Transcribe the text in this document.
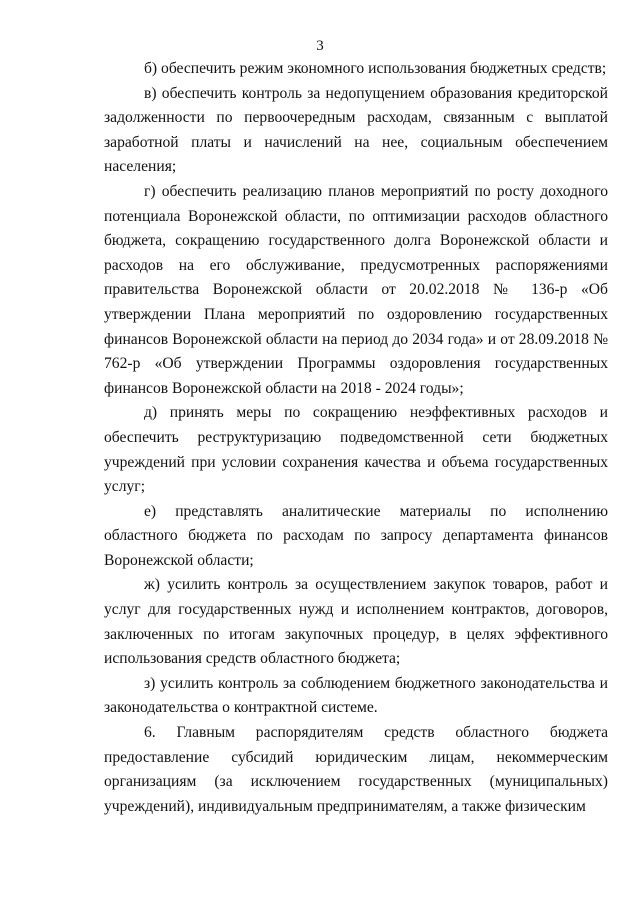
3

б) обеспечить режим экономного использования бюджетных средств;

в) обеспечить контроль за недопущением образования кредиторской задолженности по первоочередным расходам, связанным с выплатой заработной платы и начислений на нее, социальным обеспечением населения;

г) обеспечить реализацию планов мероприятий по росту доходного потенциала Воронежской области, по оптимизации расходов областного бюджета, сокращению государственного долга Воронежской области и расходов на его обслуживание, предусмотренных распоряжениями правительства Воронежской области от 20.02.2018 № 136-р «Об утверждении Плана мероприятий по оздоровлению государственных финансов Воронежской области на период до 2034 года» и от 28.09.2018 № 762-р «Об утверждении Программы оздоровления государственных финансов Воронежской области на 2018 - 2024 годы»;

д) принять меры по сокращению неэффективных расходов и обеспечить реструктуризацию подведомственной сети бюджетных учреждений при условии сохранения качества и объема государственных услуг;

е) представлять аналитические материалы по исполнению областного бюджета по расходам по запросу департамента финансов Воронежской области;

ж) усилить контроль за осуществлением закупок товаров, работ и услуг для государственных нужд и исполнением контрактов, договоров, заключенных по итогам закупочных процедур, в целях эффективного использования средств областного бюджета;

з) усилить контроль за соблюдением бюджетного законодательства и законодательства о контрактной системе.

6. Главным распорядителям средств областного бюджета предоставление субсидий юридическим лицам, некоммерческим организациям (за исключением государственных (муниципальных) учреждений), индивидуальным предпринимателям, а также физическим
